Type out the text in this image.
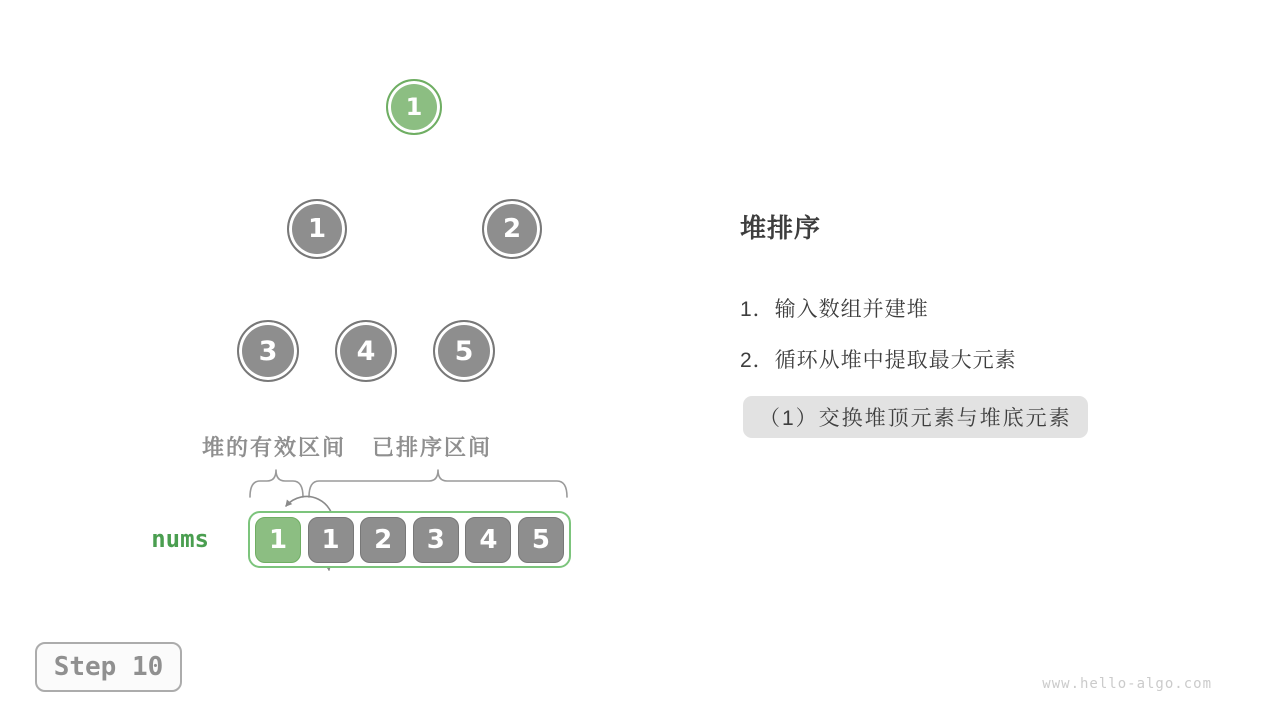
1
1	2
3	4	5
堆的有效区间 已排序区间
nums	1	1	2	3	4	5
堆排序
1．输入数组并建堆
2．循环从堆中提取最大元素
（1）交换堆顶元素与堆底元素
Step 10
www.hello-algo.com
